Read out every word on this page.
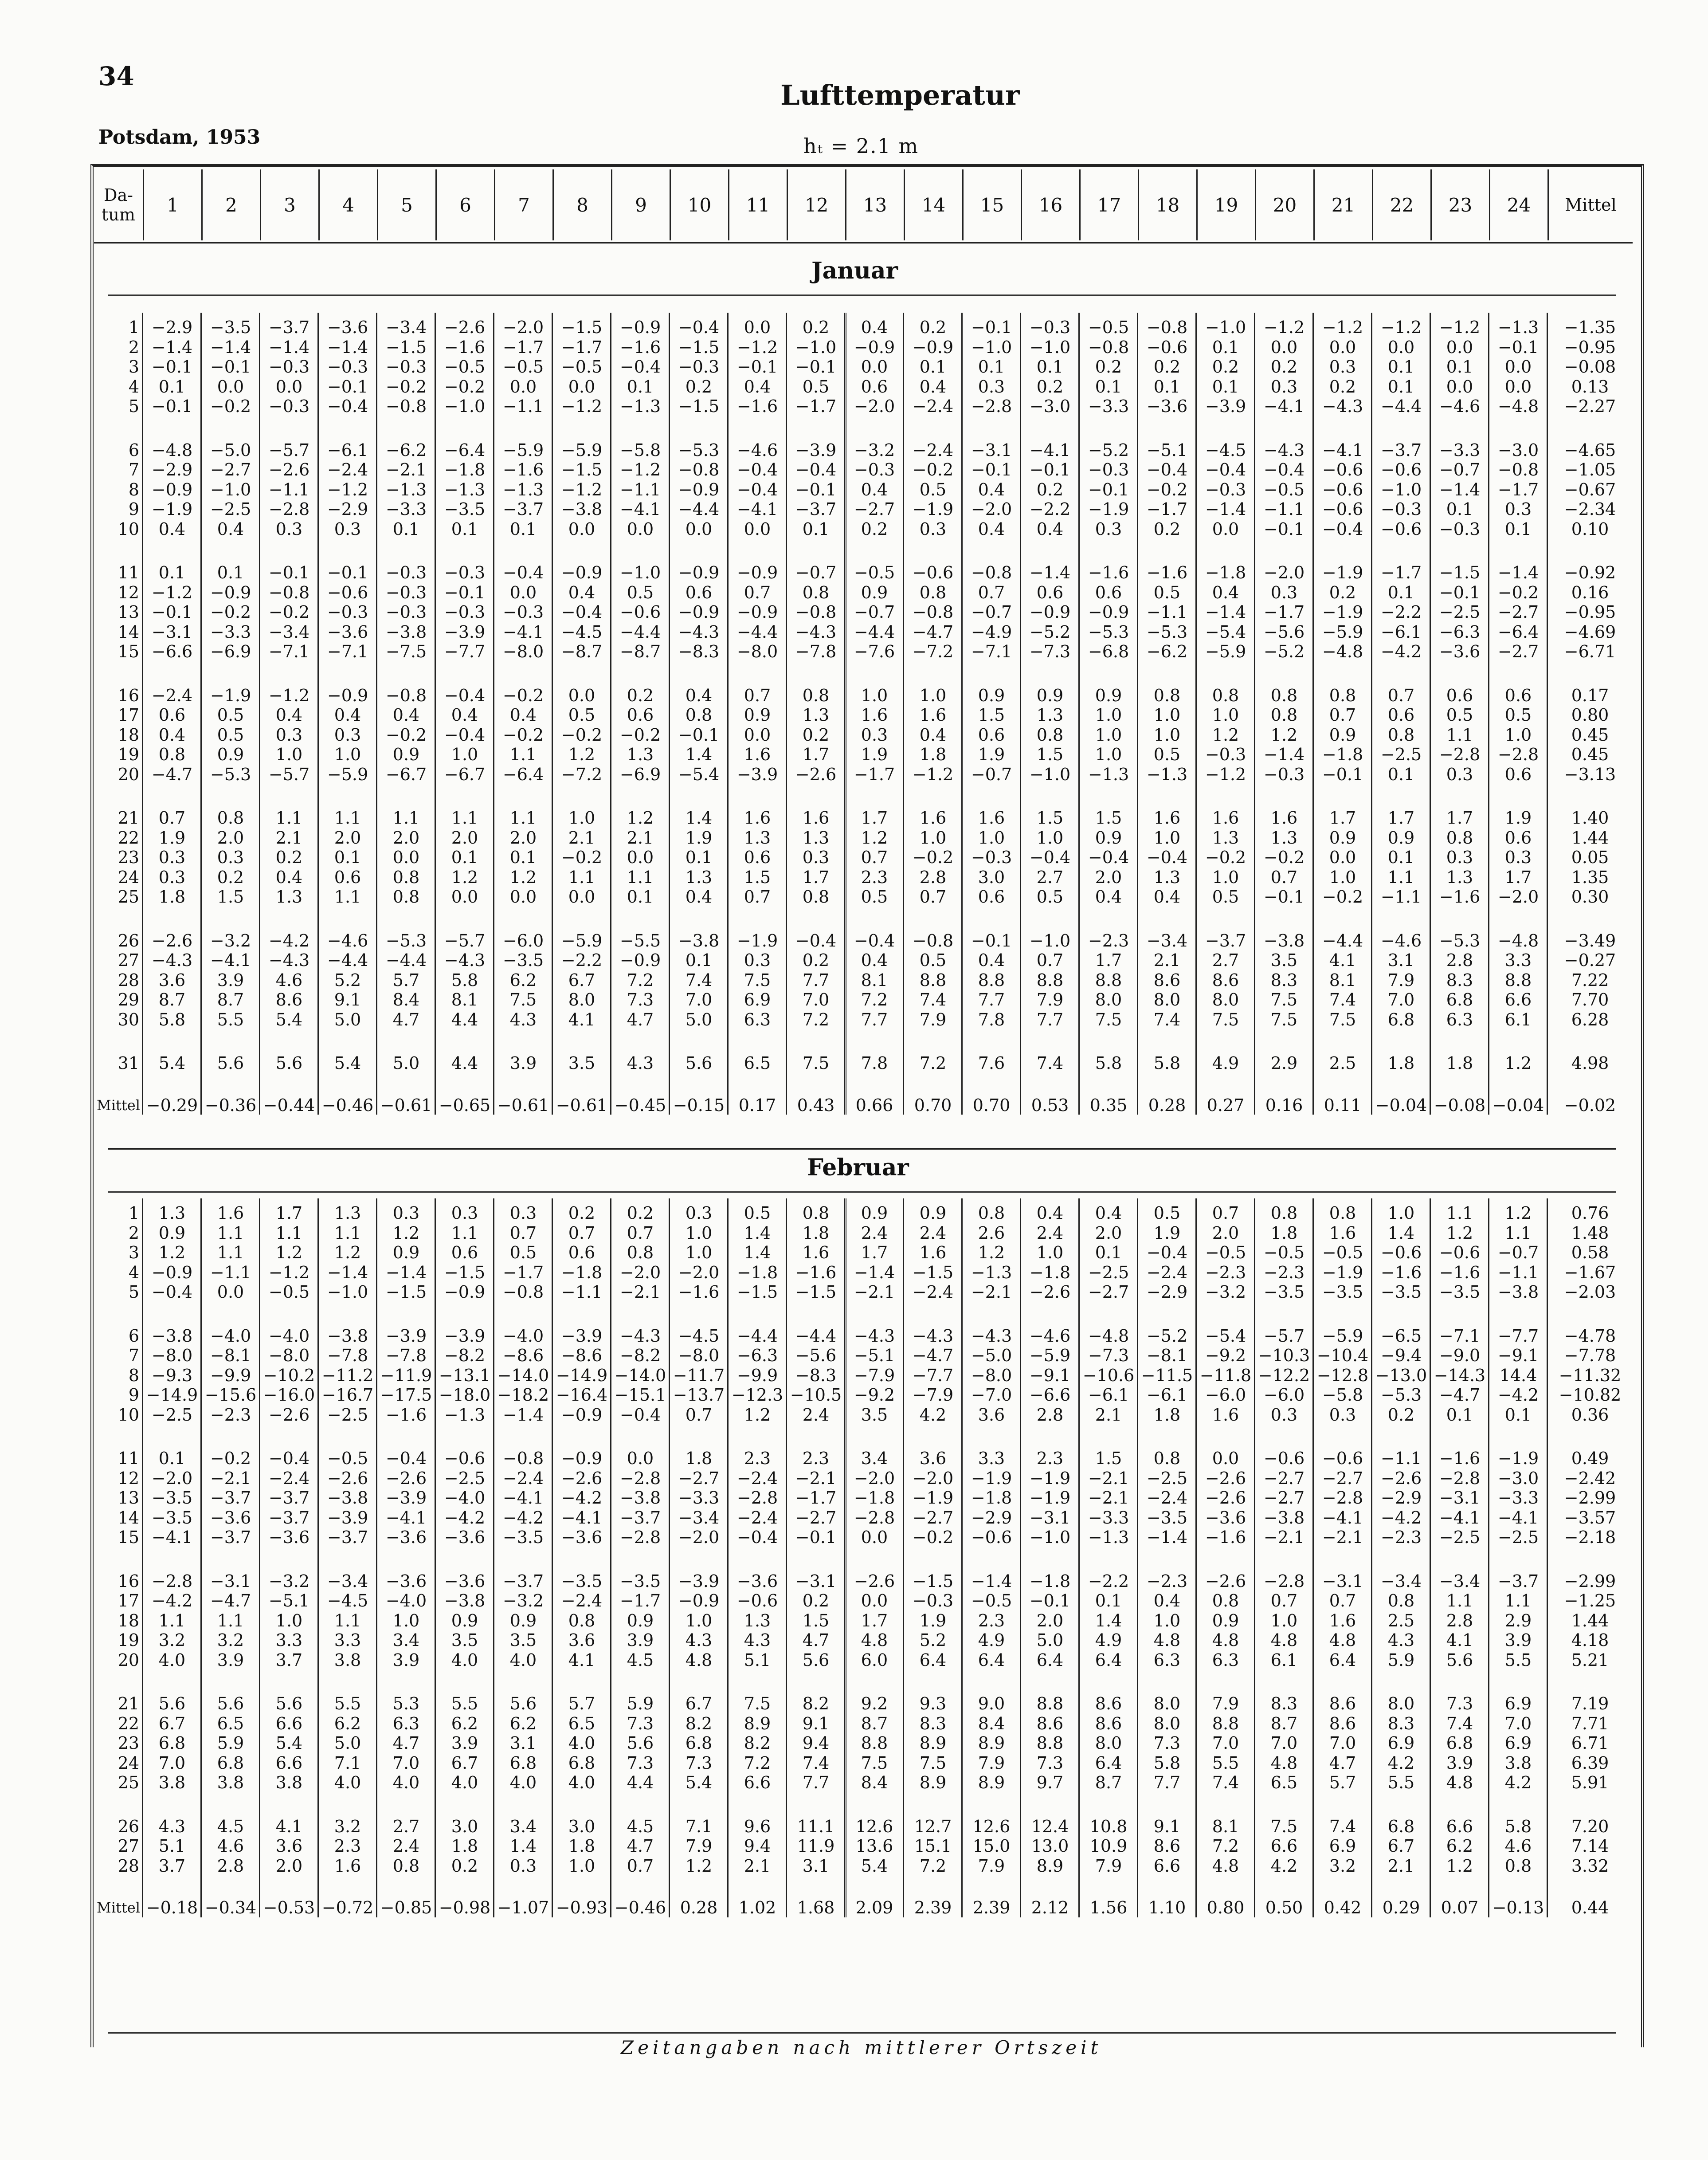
34
Lufttemperatur
Potsdam, 1953	hₜ = 2.1 m
Da-
tum	1	2	3	4	5	6	7	8	9	10	11	12	13	14	15	16	17	18	19	20	21	22	23	24	Mittel
Januar
1 −2.9	−3.5	−3.7	−3.6	−3.4	−2.6	−2.0	−1.5	−0.9	−0.4	0.0	0.2	0.4	0.2	−0.1	−0.3	−0.5	−0.8	−1.0	−1.2	−1.2	−1.2	−1.2	−1.3	−1.35
2 −1.4	−1.4	−1.4	−1.4	−1.5	−1.6	−1.7	−1.7	−1.6	−1.5	−1.2	−1.0	−0.9	−0.9	−1.0	−1.0	−0.8	−0.6	0.1	0.0	0.0	0.0	0.0	−0.1	−0.95
3 −0.1	−0.1	−0.3	−0.3	−0.3	−0.5	−0.5	−0.5	−0.4	−0.3	−0.1	−0.1	0.0	0.1	0.1	0.1	0.2	0.2	0.2	0.2	0.3	0.1	0.1	0.0	−0.08
4	0.1	0.0	0.0	−0.1	−0.2	−0.2	0.0	0.0	0.1	0.2	0.4	0.5	0.6	0.4	0.3	0.2	0.1	0.1	0.1	0.3	0.2	0.1	0.0	0.0	0.13
5 −0.1	−0.2	−0.3	−0.4	−0.8	−1.0	−1.1	−1.2	−1.3	−1.5	−1.6	−1.7	−2.0	−2.4	−2.8	−3.0	−3.3	−3.6	−3.9	−4.1	−4.3	−4.4	−4.6	−4.8	−2.27
6 −4.8	−5.0	−5.7	−6.1	−6.2	−6.4	−5.9	−5.9	−5.8	−5.3	−4.6	−3.9	−3.2	−2.4	−3.1	−4.1	−5.2	−5.1	−4.5	−4.3	−4.1	−3.7	−3.3	−3.0	−4.65
7 −2.9	−2.7	−2.6	−2.4	−2.1	−1.8	−1.6	−1.5	−1.2	−0.8	−0.4	−0.4	−0.3	−0.2	−0.1	−0.1	−0.3	−0.4	−0.4	−0.4	−0.6	−0.6	−0.7	−0.8	−1.05
8 −0.9	−1.0	−1.1	−1.2	−1.3	−1.3	−1.3	−1.2	−1.1	−0.9	−0.4	−0.1	0.4	0.5	0.4	0.2	−0.1	−0.2	−0.3	−0.5	−0.6	−1.0	−1.4	−1.7	−0.67
9 −1.9	−2.5	−2.8	−2.9	−3.3	−3.5	−3.7	−3.8	−4.1	−4.4	−4.1	−3.7	−2.7	−1.9	−2.0	−2.2	−1.9	−1.7	−1.4	−1.1	−0.6	−0.3	0.1	0.3	−2.34
10	0.4	0.4	0.3	0.3	0.1	0.1	0.1	0.0	0.0	0.0	0.0	0.1	0.2	0.3	0.4	0.4	0.3	0.2	0.0	−0.1	−0.4	−0.6	−0.3	0.1	0.10
11	0.1	0.1	−0.1	−0.1	−0.3	−0.3	−0.4	−0.9	−1.0	−0.9	−0.9	−0.7	−0.5	−0.6	−0.8	−1.4	−1.6	−1.6	−1.8	−2.0	−1.9	−1.7	−1.5	−1.4	−0.92
12 −1.2	−0.9	−0.8	−0.6	−0.3	−0.1	0.0	0.4	0.5	0.6	0.7	0.8	0.9	0.8	0.7	0.6	0.6	0.5	0.4	0.3	0.2	0.1	−0.1	−0.2	0.16
13 −0.1	−0.2	−0.2	−0.3	−0.3	−0.3	−0.3	−0.4	−0.6	−0.9	−0.9	−0.8	−0.7	−0.8	−0.7	−0.9	−0.9	−1.1	−1.4	−1.7	−1.9	−2.2	−2.5	−2.7	−0.95
14 −3.1	−3.3	−3.4	−3.6	−3.8	−3.9	−4.1	−4.5	−4.4	−4.3	−4.4	−4.3	−4.4	−4.7	−4.9	−5.2	−5.3	−5.3	−5.4	−5.6	−5.9	−6.1	−6.3	−6.4	−4.69
15 −6.6	−6.9	−7.1	−7.1	−7.5	−7.7	−8.0	−8.7	−8.7	−8.3	−8.0	−7.8	−7.6	−7.2	−7.1	−7.3	−6.8	−6.2	−5.9	−5.2	−4.8	−4.2	−3.6	−2.7	−6.71
16 −2.4	−1.9	−1.2	−0.9	−0.8	−0.4	−0.2	0.0	0.2	0.4	0.7	0.8	1.0	1.0	0.9	0.9	0.9	0.8	0.8	0.8	0.8	0.7	0.6	0.6	0.17
17	0.6	0.5	0.4	0.4	0.4	0.4	0.4	0.5	0.6	0.8	0.9	1.3	1.6	1.6	1.5	1.3	1.0	1.0	1.0	0.8	0.7	0.6	0.5	0.5	0.80
18	0.4	0.5	0.3	0.3	−0.2	−0.4	−0.2	−0.2	−0.2	−0.1	0.0	0.2	0.3	0.4	0.6	0.8	1.0	1.0	1.2	1.2	0.9	0.8	1.1	1.0	0.45
19	0.8	0.9	1.0	1.0	0.9	1.0	1.1	1.2	1.3	1.4	1.6	1.7	1.9	1.8	1.9	1.5	1.0	0.5	−0.3	−1.4	−1.8	−2.5	−2.8	−2.8	0.45
20 −4.7	−5.3	−5.7	−5.9	−6.7	−6.7	−6.4	−7.2	−6.9	−5.4	−3.9	−2.6	−1.7	−1.2	−0.7	−1.0	−1.3	−1.3	−1.2	−0.3	−0.1	0.1	0.3	0.6	−3.13
21	0.7	0.8	1.1	1.1	1.1	1.1	1.1	1.0	1.2	1.4	1.6	1.6	1.7	1.6	1.6	1.5	1.5	1.6	1.6	1.6	1.7	1.7	1.7	1.9	1.40
22	1.9	2.0	2.1	2.0	2.0	2.0	2.0	2.1	2.1	1.9	1.3	1.3	1.2	1.0	1.0	1.0	0.9	1.0	1.3	1.3	0.9	0.9	0.8	0.6	1.44
23	0.3	0.3	0.2	0.1	0.0	0.1	0.1	−0.2	0.0	0.1	0.6	0.3	0.7	−0.2	−0.3	−0.4	−0.4	−0.4	−0.2	−0.2	0.0	0.1	0.3	0.3	0.05
24	0.3	0.2	0.4	0.6	0.8	1.2	1.2	1.1	1.1	1.3	1.5	1.7	2.3	2.8	3.0	2.7	2.0	1.3	1.0	0.7	1.0	1.1	1.3	1.7	1.35
25	1.8	1.5	1.3	1.1	0.8	0.0	0.0	0.0	0.1	0.4	0.7	0.8	0.5	0.7	0.6	0.5	0.4	0.4	0.5	−0.1	−0.2	−1.1	−1.6	−2.0	0.30
26 −2.6	−3.2	−4.2	−4.6	−5.3	−5.7	−6.0	−5.9	−5.5	−3.8	−1.9	−0.4	−0.4	−0.8	−0.1	−1.0	−2.3	−3.4	−3.7	−3.8	−4.4	−4.6	−5.3	−4.8	−3.49
27 −4.3	−4.1	−4.3	−4.4	−4.4	−4.3	−3.5	−2.2	−0.9	0.1	0.3	0.2	0.4	0.5	0.4	0.7	1.7	2.1	2.7	3.5	4.1	3.1	2.8	3.3	−0.27
28	3.6	3.9	4.6	5.2	5.7	5.8	6.2	6.7	7.2	7.4	7.5	7.7	8.1	8.8	8.8	8.8	8.8	8.6	8.6	8.3	8.1	7.9	8.3	8.8	7.22
29	8.7	8.7	8.6	9.1	8.4	8.1	7.5	8.0	7.3	7.0	6.9	7.0	7.2	7.4	7.7	7.9	8.0	8.0	8.0	7.5	7.4	7.0	6.8	6.6	7.70
30	5.8	5.5	5.4	5.0	4.7	4.4	4.3	4.1	4.7	5.0	6.3	7.2	7.7	7.9	7.8	7.7	7.5	7.4	7.5	7.5	7.5	6.8	6.3	6.1	6.28
31	5.4	5.6	5.6	5.4	5.0	4.4	3.9	3.5	4.3	5.6	6.5	7.5	7.8	7.2	7.6	7.4	5.8	5.8	4.9	2.9	2.5	1.8	1.8	1.2	4.98
Mittel −0.29 −0.36 −0.44 −0.46 −0.61 −0.65 −0.61 −0.61 −0.45 −0.15 0.17	0.43	0.66	0.70	0.70	0.53	0.35	0.28	0.27	0.16	0.11 −0.04 −0.08 −0.04	−0.02
Februar
1	1.3	1.6	1.7	1.3	0.3	0.3	0.3	0.2	0.2	0.3	0.5	0.8	0.9	0.9	0.8	0.4	0.4	0.5	0.7	0.8	0.8	1.0	1.1	1.2	0.76
2	0.9	1.1	1.1	1.1	1.2	1.1	0.7	0.7	0.7	1.0	1.4	1.8	2.4	2.4	2.6	2.4	2.0	1.9	2.0	1.8	1.6	1.4	1.2	1.1	1.48
3	1.2	1.1	1.2	1.2	0.9	0.6	0.5	0.6	0.8	1.0	1.4	1.6	1.7	1.6	1.2	1.0	0.1	−0.4	−0.5	−0.5	−0.5	−0.6	−0.6	−0.7	0.58
4 −0.9	−1.1	−1.2	−1.4	−1.4	−1.5	−1.7	−1.8	−2.0	−2.0	−1.8	−1.6	−1.4	−1.5	−1.3	−1.8	−2.5	−2.4	−2.3	−2.3	−1.9	−1.6	−1.6	−1.1	−1.67
5 −0.4	0.0	−0.5	−1.0	−1.5	−0.9	−0.8	−1.1	−2.1	−1.6	−1.5	−1.5	−2.1	−2.4	−2.1	−2.6	−2.7	−2.9	−3.2	−3.5	−3.5	−3.5	−3.5	−3.8	−2.03
6 −3.8	−4.0	−4.0	−3.8	−3.9	−3.9	−4.0	−3.9	−4.3	−4.5	−4.4	−4.4	−4.3	−4.3	−4.3	−4.6	−4.8	−5.2	−5.4	−5.7	−5.9	−6.5	−7.1	−7.7	−4.78
7 −8.0	−8.1	−8.0	−7.8	−7.8	−8.2	−8.6	−8.6	−8.2	−8.0	−6.3	−5.6	−5.1	−4.7	−5.0	−5.9	−7.3	−8.1	−9.2 −10.3 −10.4 −9.4	−9.0	−9.1	−7.78
8 −9.3	−9.9 −10.2 −11.2 −11.9 −13.1 −14.0 −14.9 −14.0 −11.7 −9.9	−8.3	−7.9	−7.7	−8.0	−9.1 −10.6 −11.5 −11.8 −12.2 −12.8 −13.0 −14.3 14.4	−11.32
9 −14.9 −15.6 −16.0 −16.7 −17.5 −18.0 −18.2 −16.4 −15.1 −13.7 −12.3 −10.5 −9.2	−7.9	−7.0	−6.6	−6.1	−6.1	−6.0	−6.0	−5.8	−5.3	−4.7	−4.2	−10.82
10 −2.5	−2.3	−2.6	−2.5	−1.6	−1.3	−1.4	−0.9	−0.4	0.7	1.2	2.4	3.5	4.2	3.6	2.8	2.1	1.8	1.6	0.3	0.3	0.2	0.1	0.1	0.36
11	0.1	−0.2	−0.4	−0.5	−0.4	−0.6	−0.8	−0.9	0.0	1.8	2.3	2.3	3.4	3.6	3.3	2.3	1.5	0.8	0.0	−0.6	−0.6	−1.1	−1.6	−1.9	0.49
12 −2.0	−2.1	−2.4	−2.6	−2.6	−2.5	−2.4	−2.6	−2.8	−2.7	−2.4	−2.1	−2.0	−2.0	−1.9	−1.9	−2.1	−2.5	−2.6	−2.7	−2.7	−2.6	−2.8	−3.0	−2.42
13 −3.5	−3.7	−3.7	−3.8	−3.9	−4.0	−4.1	−4.2	−3.8	−3.3	−2.8	−1.7	−1.8	−1.9	−1.8	−1.9	−2.1	−2.4	−2.6	−2.7	−2.8	−2.9	−3.1	−3.3	−2.99
14 −3.5	−3.6	−3.7	−3.9	−4.1	−4.2	−4.2	−4.1	−3.7	−3.4	−2.4	−2.7	−2.8	−2.7	−2.9	−3.1	−3.3	−3.5	−3.6	−3.8	−4.1	−4.2	−4.1	−4.1	−3.57
15 −4.1	−3.7	−3.6	−3.7	−3.6	−3.6	−3.5	−3.6	−2.8	−2.0	−0.4	−0.1	0.0	−0.2	−0.6	−1.0	−1.3	−1.4	−1.6	−2.1	−2.1	−2.3	−2.5	−2.5	−2.18
16 −2.8	−3.1	−3.2	−3.4	−3.6	−3.6	−3.7	−3.5	−3.5	−3.9	−3.6	−3.1	−2.6	−1.5	−1.4	−1.8	−2.2	−2.3	−2.6	−2.8	−3.1	−3.4	−3.4	−3.7	−2.99
17 −4.2	−4.7	−5.1	−4.5	−4.0	−3.8	−3.2	−2.4	−1.7	−0.9	−0.6	0.2	0.0	−0.3	−0.5	−0.1	0.1	0.4	0.8	0.7	0.7	0.8	1.1	1.1	−1.25
18	1.1	1.1	1.0	1.1	1.0	0.9	0.9	0.8	0.9	1.0	1.3	1.5	1.7	1.9	2.3	2.0	1.4	1.0	0.9	1.0	1.6	2.5	2.8	2.9	1.44
19	3.2	3.2	3.3	3.3	3.4	3.5	3.5	3.6	3.9	4.3	4.3	4.7	4.8	5.2	4.9	5.0	4.9	4.8	4.8	4.8	4.8	4.3	4.1	3.9	4.18
20	4.0	3.9	3.7	3.8	3.9	4.0	4.0	4.1	4.5	4.8	5.1	5.6	6.0	6.4	6.4	6.4	6.4	6.3	6.3	6.1	6.4	5.9	5.6	5.5	5.21
21	5.6	5.6	5.6	5.5	5.3	5.5	5.6	5.7	5.9	6.7	7.5	8.2	9.2	9.3	9.0	8.8	8.6	8.0	7.9	8.3	8.6	8.0	7.3	6.9	7.19
22	6.7	6.5	6.6	6.2	6.3	6.2	6.2	6.5	7.3	8.2	8.9	9.1	8.7	8.3	8.4	8.6	8.6	8.0	8.8	8.7	8.6	8.3	7.4	7.0	7.71
23	6.8	5.9	5.4	5.0	4.7	3.9	3.1	4.0	5.6	6.8	8.2	9.4	8.8	8.9	8.9	8.8	8.0	7.3	7.0	7.0	7.0	6.9	6.8	6.9	6.71
24	7.0	6.8	6.6	7.1	7.0	6.7	6.8	6.8	7.3	7.3	7.2	7.4	7.5	7.5	7.9	7.3	6.4	5.8	5.5	4.8	4.7	4.2	3.9	3.8	6.39
25	3.8	3.8	3.8	4.0	4.0	4.0	4.0	4.0	4.4	5.4	6.6	7.7	8.4	8.9	8.9	9.7	8.7	7.7	7.4	6.5	5.7	5.5	4.8	4.2	5.91
26	4.3	4.5	4.1	3.2	2.7	3.0	3.4	3.0	4.5	7.1	9.6	11.1	12.6	12.7	12.6	12.4	10.8	9.1	8.1	7.5	7.4	6.8	6.6	5.8	7.20
27	5.1	4.6	3.6	2.3	2.4	1.8	1.4	1.8	4.7	7.9	9.4	11.9	13.6	15.1	15.0	13.0	10.9	8.6	7.2	6.6	6.9	6.7	6.2	4.6	7.14
28	3.7	2.8	2.0	1.6	0.8	0.2	0.3	1.0	0.7	1.2	2.1	3.1	5.4	7.2	7.9	8.9	7.9	6.6	4.8	4.2	3.2	2.1	1.2	0.8	3.32
Mittel −0.18 −0.34 −0.53 −0.72 −0.85 −0.98 −1.07 −0.93 −0.46 0.28	1.02	1.68	2.09	2.39	2.39	2.12	1.56	1.10	0.80	0.50	0.42	0.29	0.07 −0.13	0.44
Zeitangaben nach mittlerer Ortszeit
